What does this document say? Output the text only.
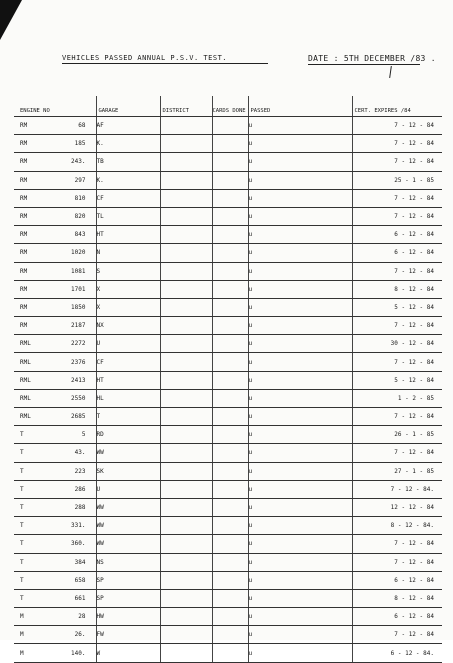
VEHICLES PASSED ANNUAL P.S.V. TEST.	DATE : 5TH DECEMBER /83 .
ENGINE NO	GARAGE	DISTRICT	CARDS DONE	PASSED	CERT. EXPIRES /84

RM 68	AF			u	7 - 12 - 84

RM 185	K.			u	7 - 12 - 84

RM 243.	TB			u	7 - 12 - 84

RM 297	K.			u	25 - 1 - 85

RM 810	CF			u	7 - 12 - 84

RM 820	TL			u	7 - 12 - 84

RM 843	HT			u	6 - 12 - 84

RM 1020	N			u	6 - 12 - 84

RM 1081	S			u	7 - 12 - 84

RM 1701	X			u	8 - 12 - 84

RM 1850	X			u	5 - 12 - 84

RM 2187	NX			u	7 - 12 - 84

RML 2272	U			u	30 - 12 - 84

RML 2376	CF			u	7 - 12 - 84

RML 2413	HT			u	5 - 12 - 84

RML 2550	HL			u	1 - 2 - 85

RML 2685	T			u	7 - 12 - 84

T 5	RD			u	26 - 1 - 85

T 43.	WW			u	7 - 12 - 84

T 223	SK			u	27 - 1 - 85

T 286	U			u	7 - 12 - 84.

T 288	WW			u	12 - 12 - 84

T 331.	WW			u	8 - 12 - 84.

T 360.	WW			u	7 - 12 - 84

T 384	NS			u	7 - 12 - 84

T 658	SP			u	6 - 12 - 84

T 661	SP			u	8 - 12 - 84

M 28	HW			u	6 - 12 - 84

M 26.	FW			u	7 - 12 - 84

M 140.	W			u	6 - 12 - 84.
